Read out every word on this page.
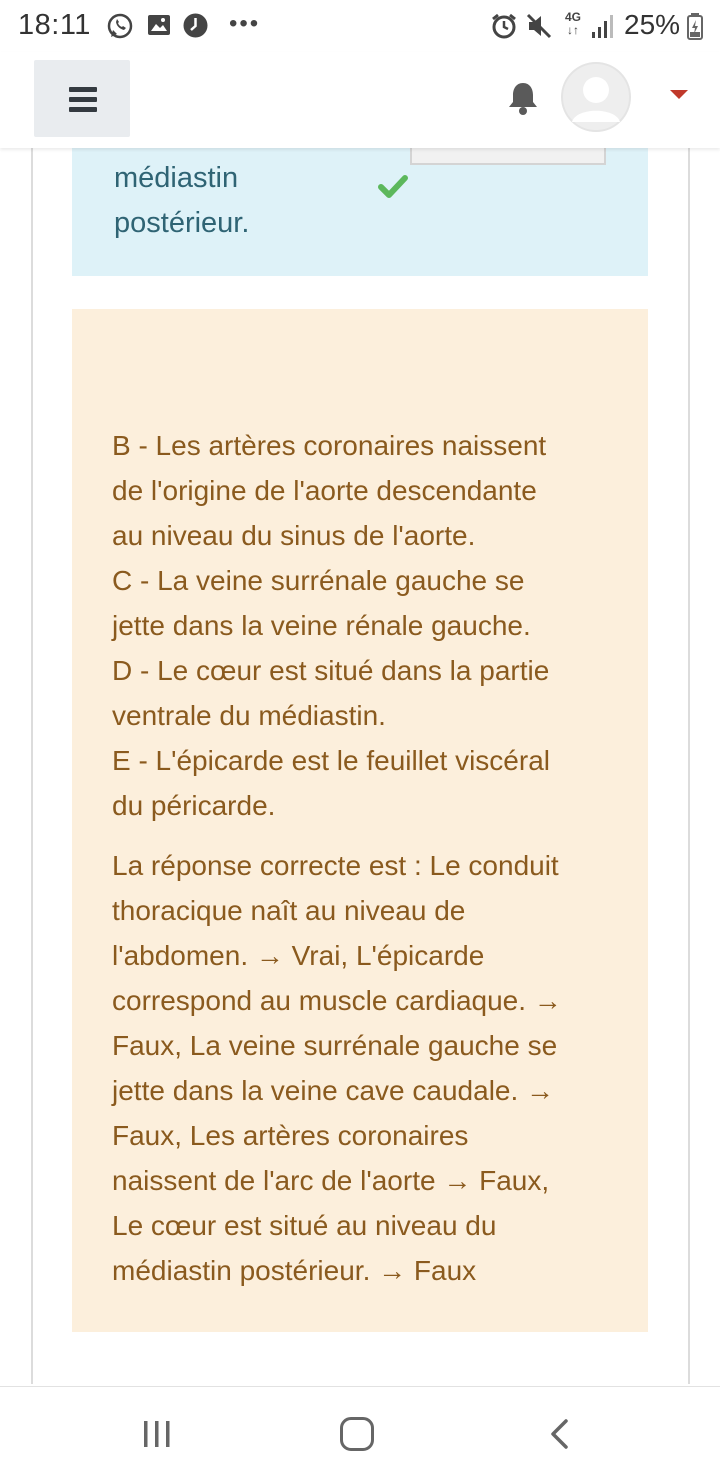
18:11	•••	4G
↓↑ 25%
médiastin
postérieur.
B - Les artères coronaires naissent
de l'origine de l'aorte descendante
au niveau du sinus de l'aorte.
C - La veine surrénale gauche se
jette dans la veine rénale gauche.
D - Le cœur est situé dans la partie
ventrale du médiastin.
E - L'épicarde est le feuillet viscéral
du péricarde.
La réponse correcte est : Le conduit
thoracique naît au niveau de
l'abdomen. → Vrai, L'épicarde
correspond au muscle cardiaque. →
Faux, La veine surrénale gauche se
jette dans la veine cave caudale. →
Faux, Les artères coronaires
naissent de l'arc de l'aorte → Faux,
Le cœur est situé au niveau du
médiastin postérieur. → Faux
